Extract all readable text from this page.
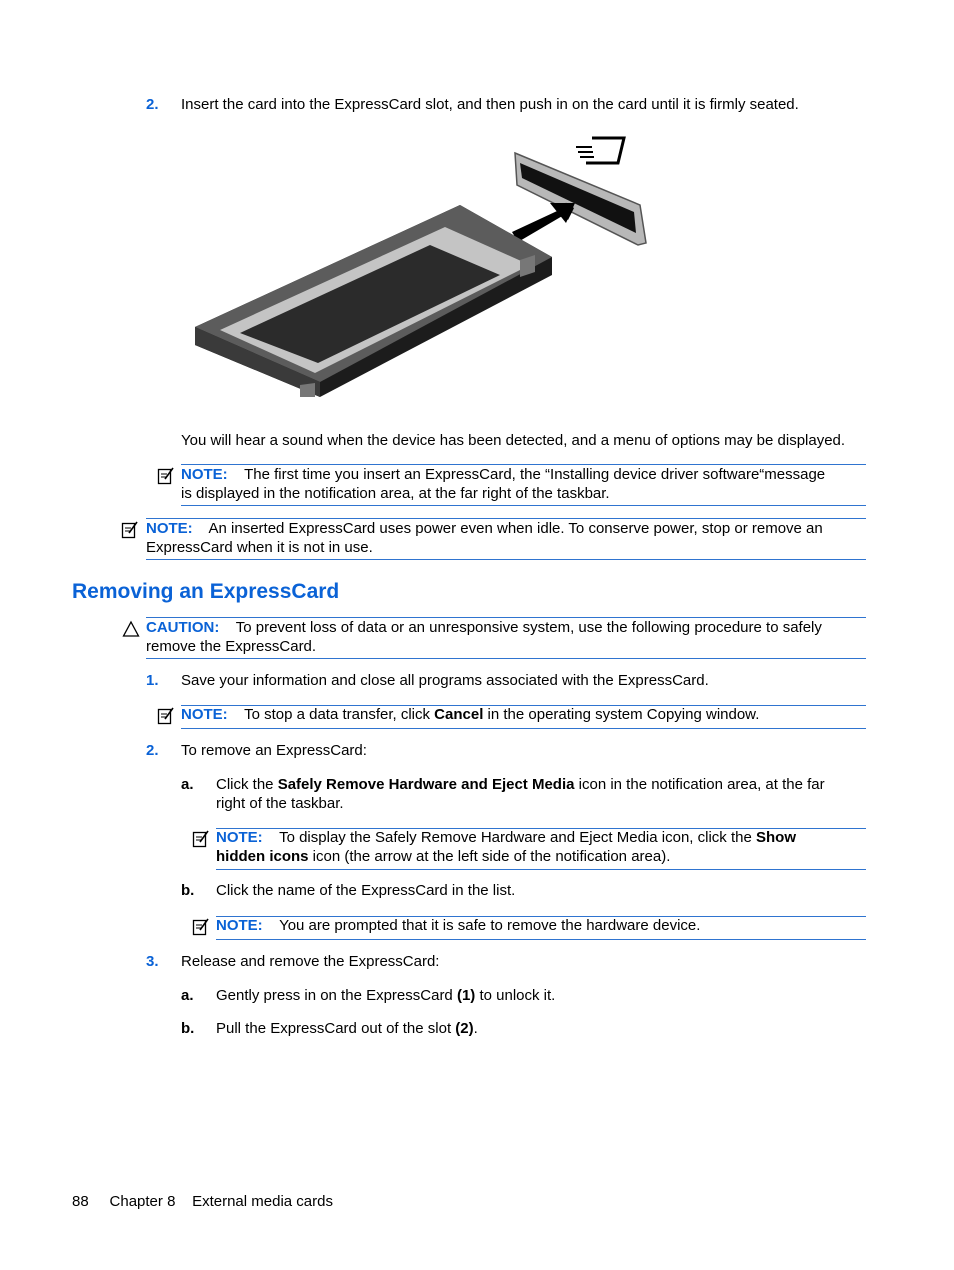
2. Insert the card into the ExpressCard slot, and then push in on the card until it is firmly seated.
You will hear a sound when the device has been detected, and a menu of options may be displayed.
NOTE: The first time you insert an ExpressCard, the “Installing device driver software“message
is displayed in the notification area, at the far right of the taskbar.
NOTE: An inserted ExpressCard uses power even when idle. To conserve power, stop or remove an
ExpressCard when it is not in use.
Removing an ExpressCard
CAUTION: To prevent loss of data or an unresponsive system, use the following procedure to safely
remove the ExpressCard.
1. Save your information and close all programs associated with the ExpressCard.
NOTE: To stop a data transfer, click Cancel in the operating system Copying window.
2. To remove an ExpressCard:
a. Click the Safely Remove Hardware and Eject Media icon in the notification area, at the far
right of the taskbar.
NOTE: To display the Safely Remove Hardware and Eject Media icon, click the Show
hidden icons icon (the arrow at the left side of the notification area).
b. Click the name of the ExpressCard in the list.
NOTE: You are prompted that it is safe to remove the hardware device.
3. Release and remove the ExpressCard:
a. Gently press in on the ExpressCard (1) to unlock it.
b. Pull the ExpressCard out of the slot (2).
88 Chapter 8 External media cards
